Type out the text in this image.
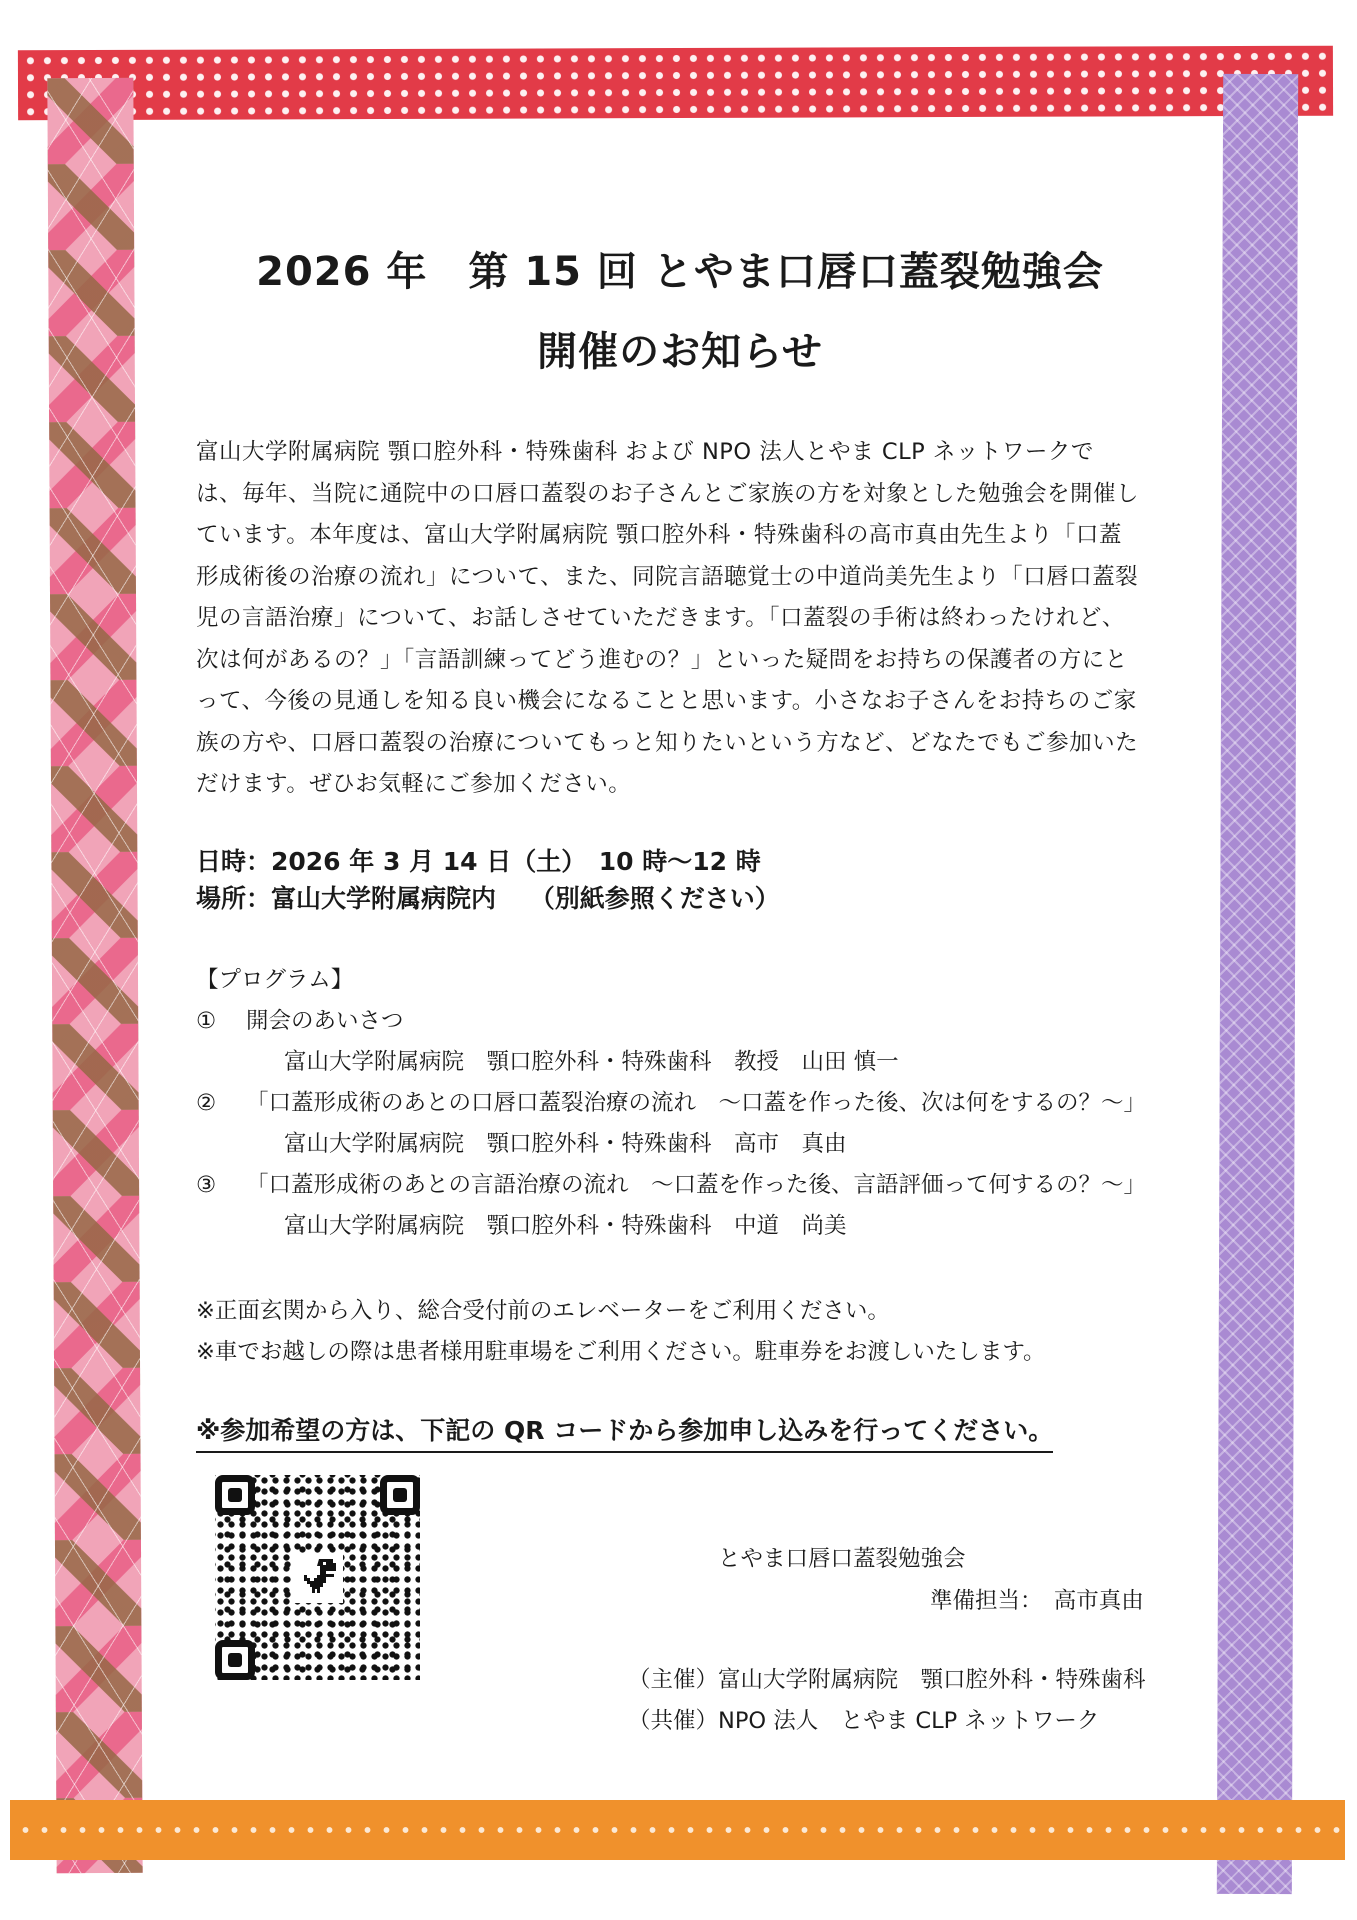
2026 年　第 15 回 とやま口唇口蓋裂勉強会
開催のお知らせ
富山大学附属病院 顎口腔外科・特殊歯科 および NPO 法人とやま CLP ネットワークで
は、毎年、当院に通院中の口唇口蓋裂のお子さんとご家族の方を対象とした勉強会を開催し
ています。本年度は、富山大学附属病院 顎口腔外科・特殊歯科の高市真由先生より「口蓋
形成術後の治療の流れ」について、また、同院言語聴覚士の中道尚美先生より「口唇口蓋裂
児の言語治療」について、お話しさせていただきます。「口蓋裂の手術は終わったけれど、
次は何があるの？」「言語訓練ってどう進むの？」といった疑問をお持ちの保護者の方にと
って、今後の見通しを知る良い機会になることと思います。小さなお子さんをお持ちのご家
族の方や、口唇口蓋裂の治療についてもっと知りたいという方など、どなたでもご参加いた
だけます。ぜひお気軽にご参加ください。
日時：2026 年 3 月 14 日（土）　10 時～12 時
場所：富山大学附属病院内　 （別紙参照ください）
【プログラム】
①	開会のあいさつ
富山大学附属病院　顎口腔外科・特殊歯科　教授　山田 慎一
②	「口蓋形成術のあとの口唇口蓋裂治療の流れ　～口蓋を作った後、次は何をするの？～」
富山大学附属病院　顎口腔外科・特殊歯科　高市　真由
③	「口蓋形成術のあとの言語治療の流れ　～口蓋を作った後、言語評価って何するの？～」
富山大学附属病院　顎口腔外科・特殊歯科　中道　尚美
※正面玄関から入り、総合受付前のエレベーターをご利用ください。
※車でお越しの際は患者様用駐車場をご利用ください。駐車券をお渡しいたします。
※参加希望の方は、下記の QR コードから参加申し込みを行ってください。
とやま口唇口蓋裂勉強会
準備担当：　高市真由
（主催）富山大学附属病院　顎口腔外科・特殊歯科
（共催）NPO 法人　とやま CLP ネットワーク
